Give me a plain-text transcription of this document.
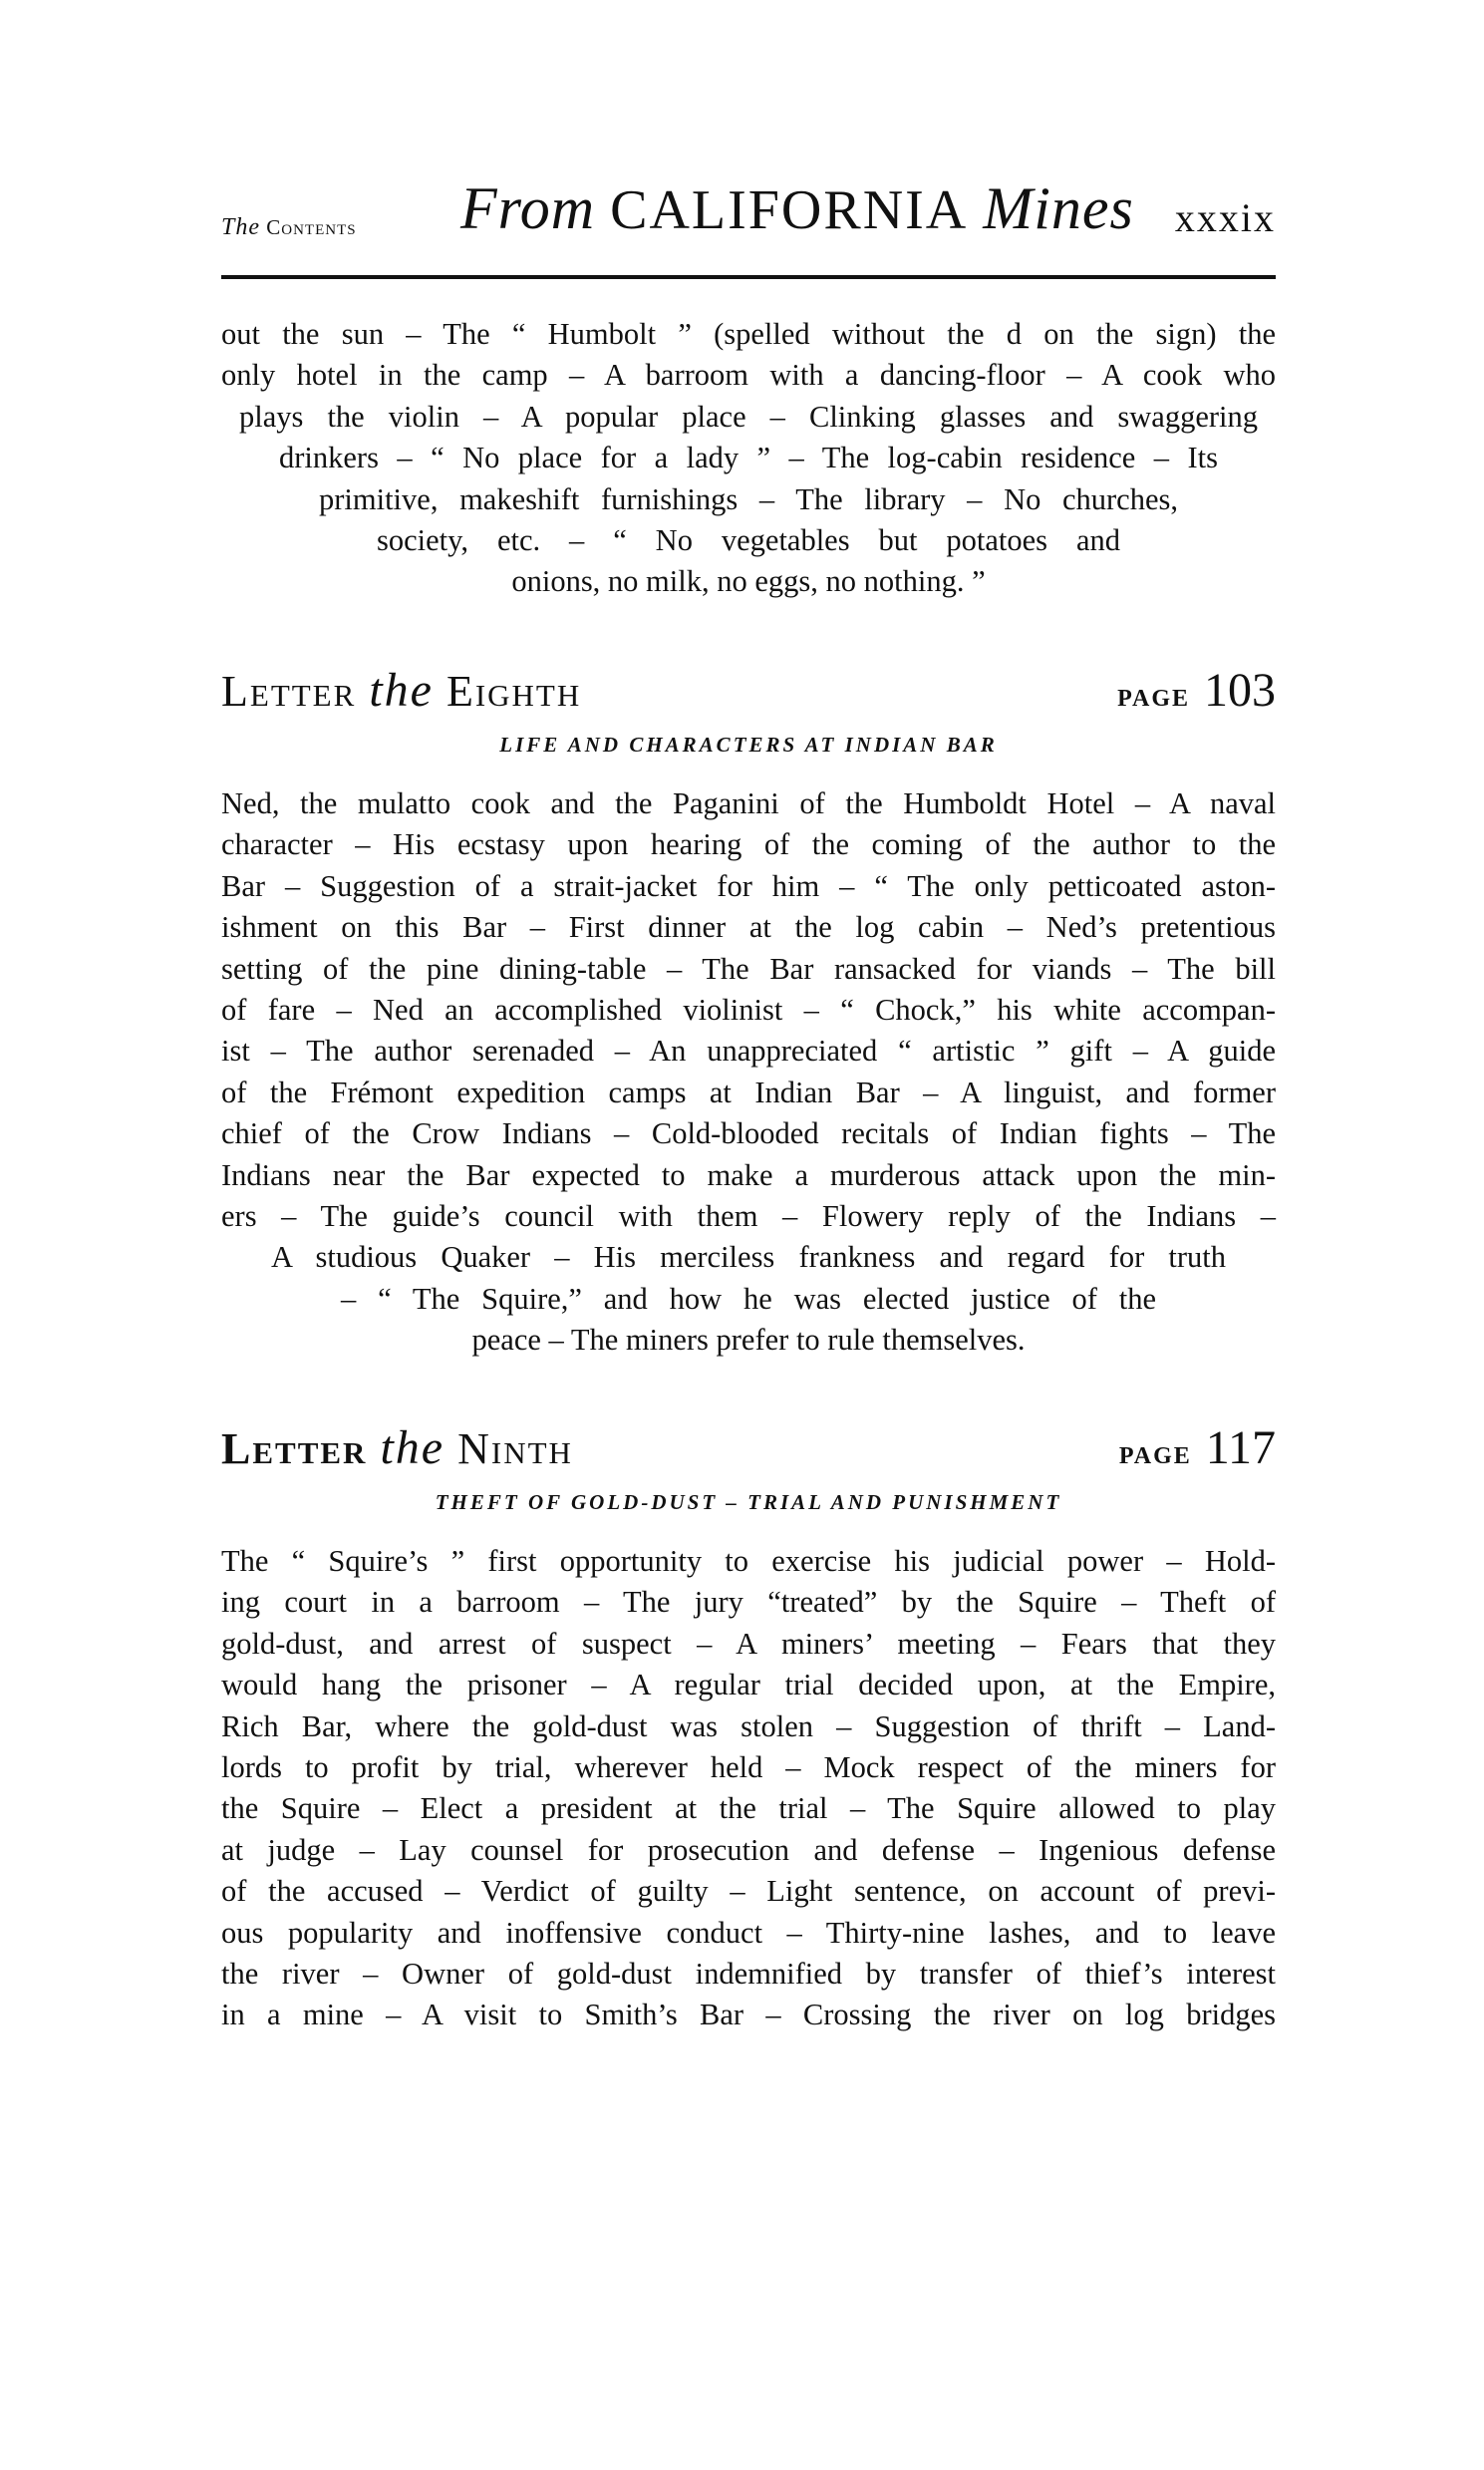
The Contents From CALIFORNIA Mines xxxix
out the sun – The “ Humbolt ” (spelled without the d on the sign) the
only hotel in the camp – A barroom with a dancing-floor – A cook who
plays the violin – A popular place – Clinking glasses and swaggering
drinkers – “ No place for a lady ” – The log-cabin residence – Its
primitive, makeshift furnishings – The library – No churches,
society, etc. – “ No vegetables but potatoes and
onions, no milk, no eggs, no nothing. ”
Letter the Eighth	PAGE 103
LIFE AND CHARACTERS AT INDIAN BAR
Ned, the mulatto cook and the Paganini of the Humboldt Hotel – A naval
character – His ecstasy upon hearing of the coming of the author to the
Bar – Suggestion of a strait-jacket for him – “ The only petticoated aston-
ishment on this Bar – First dinner at the log cabin – Ned’s pretentious
setting of the pine dining-table – The Bar ransacked for viands – The bill
of fare – Ned an accomplished violinist – “ Chock,” his white accompan-
ist – The author serenaded – An unappreciated “ artistic ” gift – A guide
of the Frémont expedition camps at Indian Bar – A linguist, and former
chief of the Crow Indians – Cold-blooded recitals of Indian fights – The
Indians near the Bar expected to make a murderous attack upon the min-
ers – The guide’s council with them – Flowery reply of the Indians –
A studious Quaker – His merciless frankness and regard for truth
– “ The Squire,” and how he was elected justice of the
peace – The miners prefer to rule themselves.
Letter the Ninth	PAGE 117
THEFT OF GOLD-DUST – TRIAL AND PUNISHMENT
The “ Squire’s ” first opportunity to exercise his judicial power – Hold-
ing court in a barroom – The jury “treated” by the Squire – Theft of
gold-dust, and arrest of suspect – A miners’ meeting – Fears that they
would hang the prisoner – A regular trial decided upon, at the Empire,
Rich Bar, where the gold-dust was stolen – Suggestion of thrift – Land-
lords to profit by trial, wherever held – Mock respect of the miners for
the Squire – Elect a president at the trial – The Squire allowed to play
at judge – Lay counsel for prosecution and defense – Ingenious defense
of the accused – Verdict of guilty – Light sentence, on account of previ-
ous popularity and inoffensive conduct – Thirty-nine lashes, and to leave
the river – Owner of gold-dust indemnified by transfer of thief’s interest
in a mine – A visit to Smith’s Bar – Crossing the river on log bridges
